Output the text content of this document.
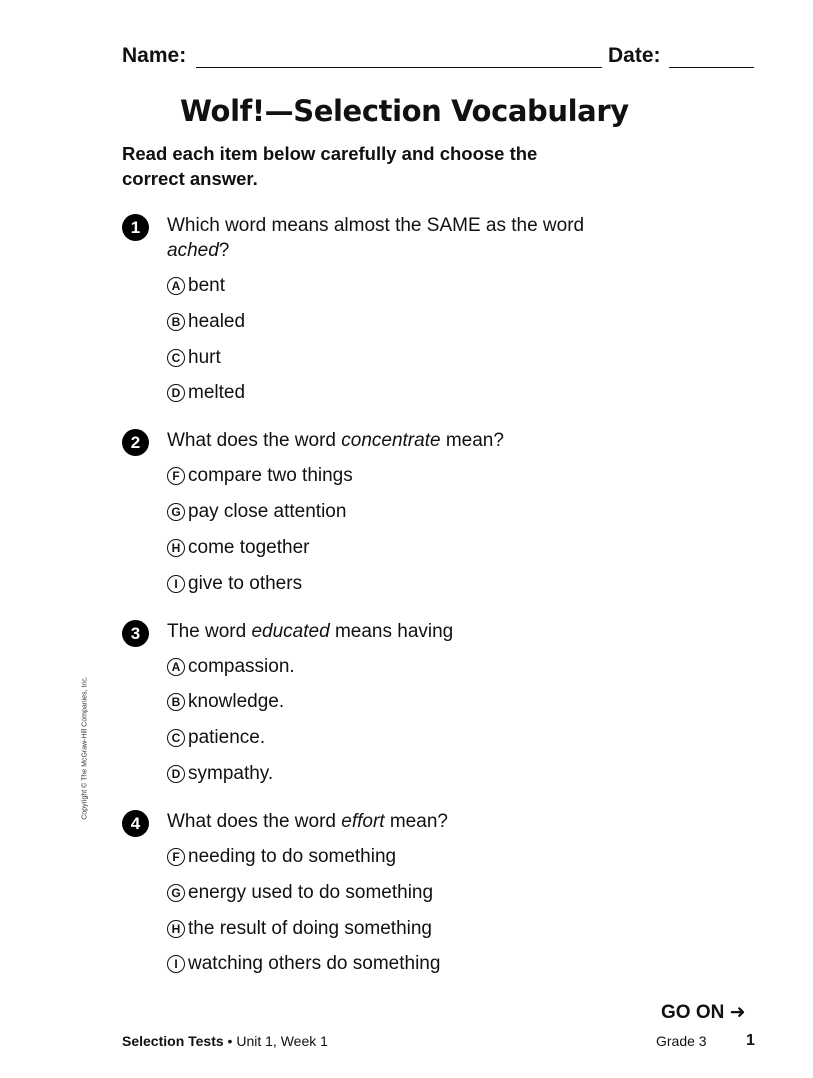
Name:	Date:
Wolf!—Selection Vocabulary
Read each item below carefully and choose the correct answer.
1	Which word means almost the SAME as the word ached?
A bent
B healed
C hurt
D melted
2	What does the word concentrate mean?
F compare two things
G pay close attention
H come together
I give to others
3	The word educated means having
A compassion.
B knowledge.
C patience.
D sympathy.
4	What does the word effort mean?
F needing to do something
G energy used to do something
H the result of doing something
I watching others do something
Copyright © The McGraw-Hill Companies, Inc.
GO ON ➜
Selection Tests • Unit 1, Week 1	Grade 3 1
